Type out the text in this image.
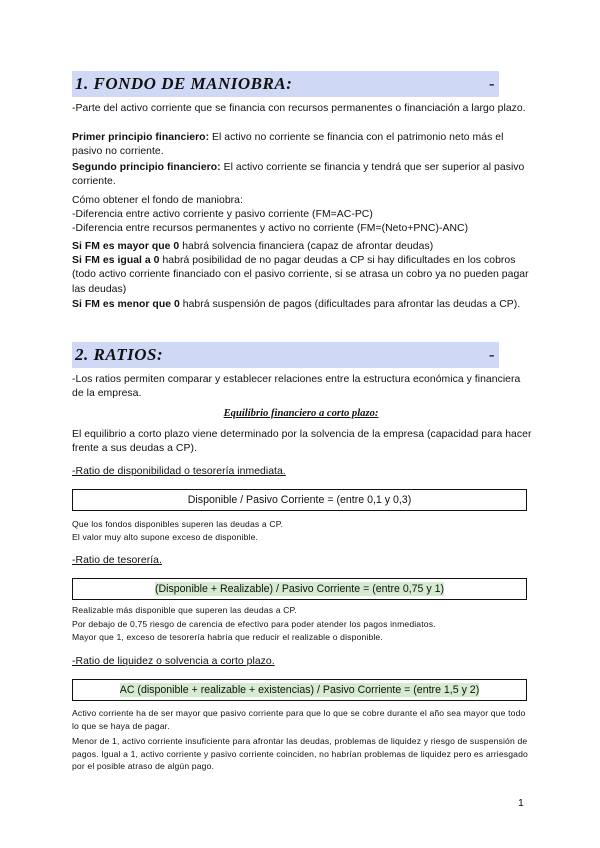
1. FONDO DE MANIOBRA:	-
-Parte del activo corriente que se financia con recursos permanentes o financiación a largo plazo.
Primer principio financiero: El activo no corriente se financia con el patrimonio neto más el pasivo no corriente.
Segundo principio financiero: El activo corriente se financia y tendrá que ser superior al pasivo corriente.
Cómo obtener el fondo de maniobra:
-Diferencia entre activo corriente y pasivo corriente (FM=AC-PC)
-Diferencia entre recursos permanentes y activo no corriente (FM=(Neto+PNC)-ANC)
Si FM es mayor que 0 habrá solvencia financiera (capaz de afrontar deudas)
Si FM es igual a 0 habrá posibilidad de no pagar deudas a CP si hay dificultades en los cobros (todo activo corriente financiado con el pasivo corriente, si se atrasa un cobro ya no pueden pagar las deudas)
Si FM es menor que 0 habrá suspensión de pagos (dificultades para afrontar las deudas a CP).
2. RATIOS:	-
-Los ratios permiten comparar y establecer relaciones entre la estructura económica y financiera de la empresa.
Equilibrio financiero a corto plazo:
El equilibrio a corto plazo viene determinado por la solvencia de la empresa (capacidad para hacer frente a sus deudas a CP).
-Ratio de disponibilidad o tesorería inmediata.
Disponible / Pasivo Corriente = (entre 0,1 y 0,3)
Que los fondos disponibles superen las deudas a CP.
El valor muy alto supone exceso de disponible.
-Ratio de tesorería.
(Disponible + Realizable) / Pasivo Corriente = (entre 0,75 y 1)
Realizable más disponible que superen las deudas a CP.
Por debajo de 0,75 riesgo de carencia de efectivo para poder atender los pagos inmediatos.
Mayor que 1, exceso de tesorería habría que reducir el realizable o disponible.
-Ratio de liquidez o solvencia a corto plazo.
AC (disponible + realizable + existencias) / Pasivo Corriente = (entre 1,5 y 2)
Activo corriente ha de ser mayor que pasivo corriente para que lo que se cobre durante el año sea mayor que todo lo que se haya de pagar.
Menor de 1, activo corriente insuficiente para afrontar las deudas, problemas de liquidez y riesgo de suspensión de pagos. Igual a 1, activo corriente y pasivo corriente coinciden, no habrían problemas de liquidez pero es arriesgado por el posible atraso de algún pago.
1
